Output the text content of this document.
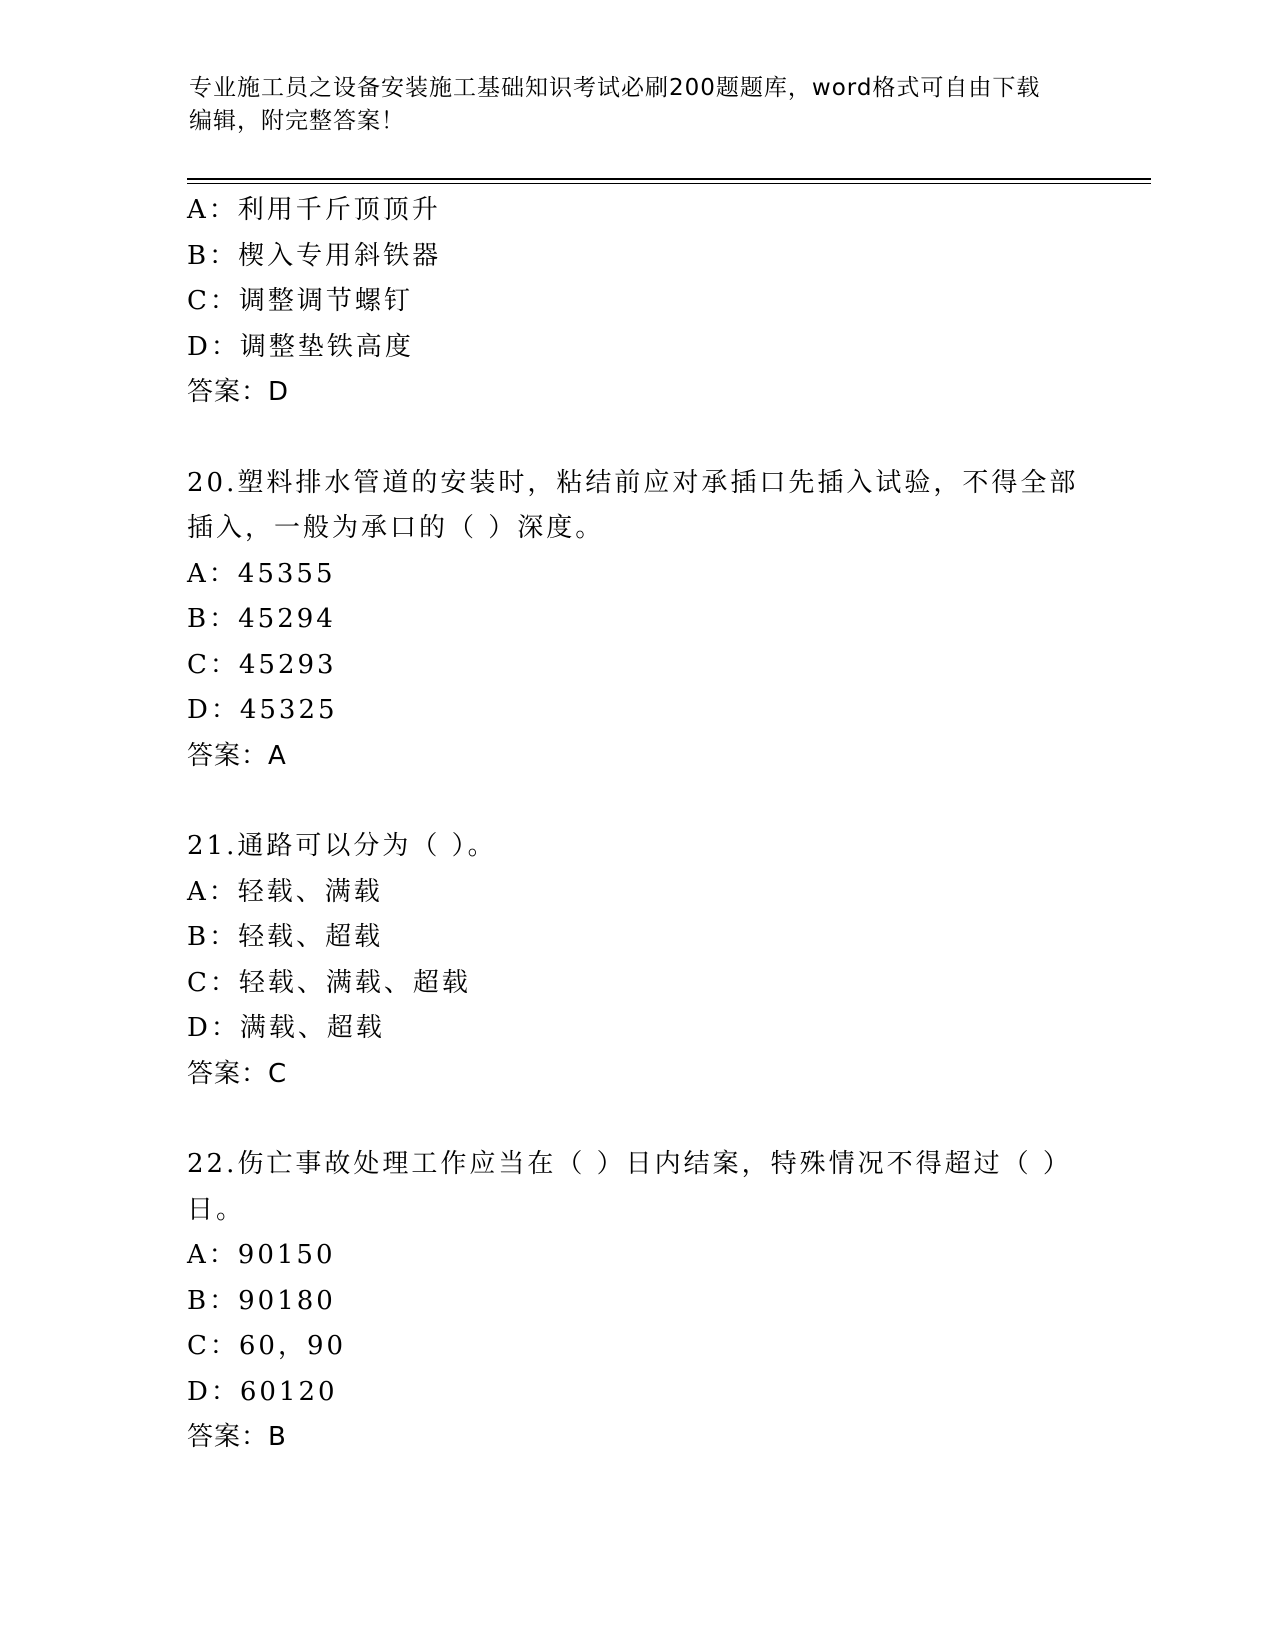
专业施工员之设备安装施工基础知识考试必刷200题题库，word格式可自由下载
编辑，附完整答案！
A：利用千斤顶顶升
B：楔入专用斜铁器
C：调整调节螺钉
D：调整垫铁高度
答案：D
20.塑料排水管道的安装时，粘结前应对承插口先插入试验，不得全部
插入，一般为承口的（ ）深度。
A：45355
B：45294
C：45293
D：45325
答案：A
21.通路可以分为（ ）。
A：轻载、满载
B：轻载、超载
C：轻载、满载、超载
D：满载、超载
答案：C
22.伤亡事故处理工作应当在（ ）日内结案，特殊情况不得超过（ ）
日。
A：90150
B：90180
C：60，90
D：60120
答案：B
